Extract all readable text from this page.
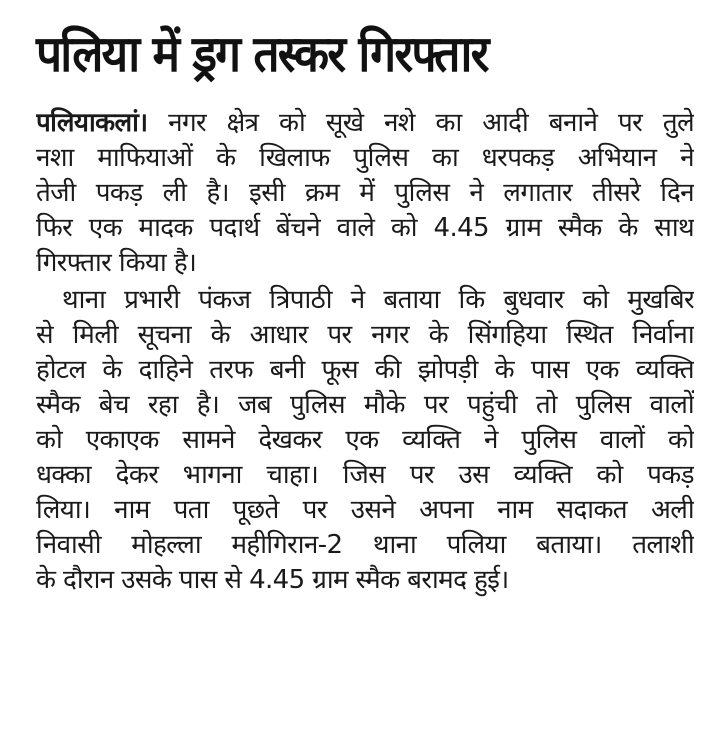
पलिया में ड्रग तस्कर गिरफ्तार
पलियाकलां। नगर क्षेत्र को सूखे नशे का आदी बनाने पर तुले
नशा माफियाओं के खिलाफ पुलिस का धरपकड़ अभियान ने
तेजी पकड़ ली है। इसी क्रम में पुलिस ने लगातार तीसरे दिन
फिर एक मादक पदार्थ बेंचने वाले को 4.45 ग्राम स्मैक के साथ
गिरफ्तार किया है।
थाना प्रभारी पंकज त्रिपाठी ने बताया कि बुधवार को मुखबिर
से मिली सूचना के आधार पर नगर के सिंगहिया स्थित निर्वाना
होटल के दाहिने तरफ बनी फूस की झोपड़ी के पास एक व्यक्ति
स्मैक बेच रहा है। जब पुलिस मौके पर पहुंची तो पुलिस वालों
को एकाएक सामने देखकर एक व्यक्ति ने पुलिस वालों को
धक्का देकर भागना चाहा। जिस पर उस व्यक्ति को पकड़
लिया। नाम पता पूछते पर उसने अपना नाम सदाकत अली
निवासी मोहल्ला महीगिरान-2 थाना पलिया बताया। तलाशी
के दौरान उसके पास से 4.45 ग्राम स्मैक बरामद हुई।
